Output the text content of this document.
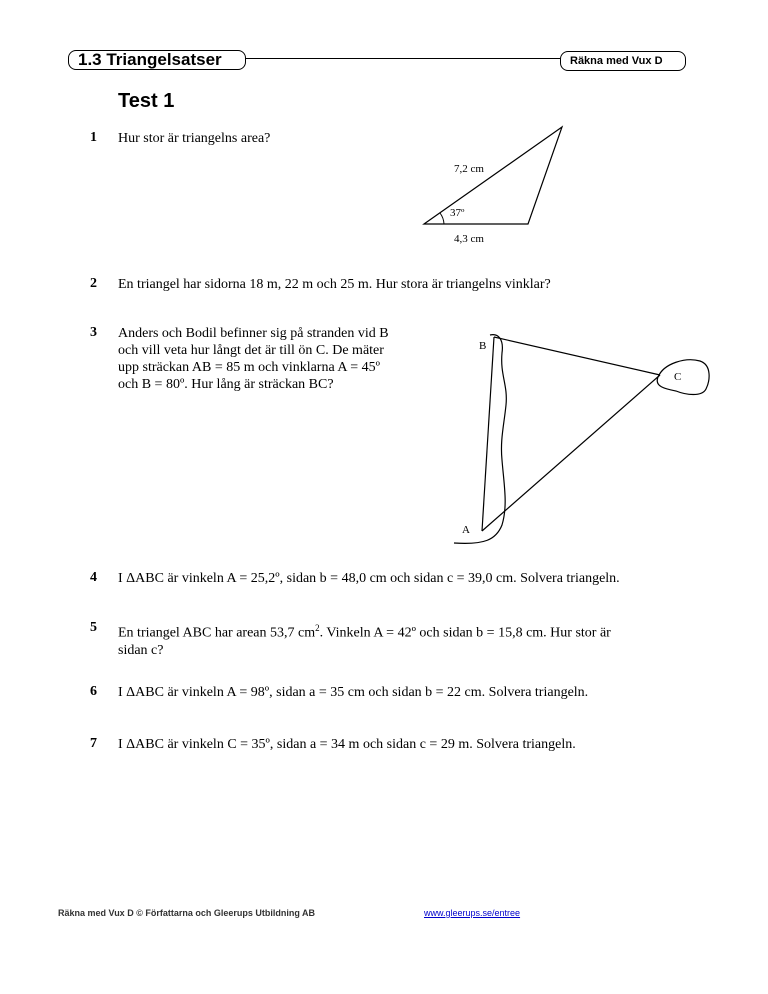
1.3 Triangelsatser	Räkna med Vux D
Test 1
1 Hur stor är triangelns area?
7,2 cm
37º
4,3 cm
2 En triangel har sidorna 18 m, 22 m och 25 m. Hur stora är triangelns vinklar?
3 Anders och Bodil befinner sig på stranden vid B
och vill veta hur långt det är till ön C. De mäter
upp sträckan AB = 85 m och vinklarna A = 45º
och B = 80º. Hur lång är sträckan BC?
B
C
A
4 I ΔABC är vinkeln A = 25,2º, sidan b = 48,0 cm och sidan c = 39,0 cm. Solvera triangeln.
5 En triangel ABC har arean 53,7 $cm^2$. Vinkeln A = 42º och sidan b = 15,8 cm. Hur stor är
sidan c?
6 I ΔABC är vinkeln A = 98º, sidan a = 35 cm och sidan b = 22 cm. Solvera triangeln.
7 I ΔABC är vinkeln C = 35º, sidan a = 34 m och sidan c = 29 m. Solvera triangeln.
Räkna med Vux D © Författarna och Gleerups Utbildning AB	www.gleerups.se/entree
